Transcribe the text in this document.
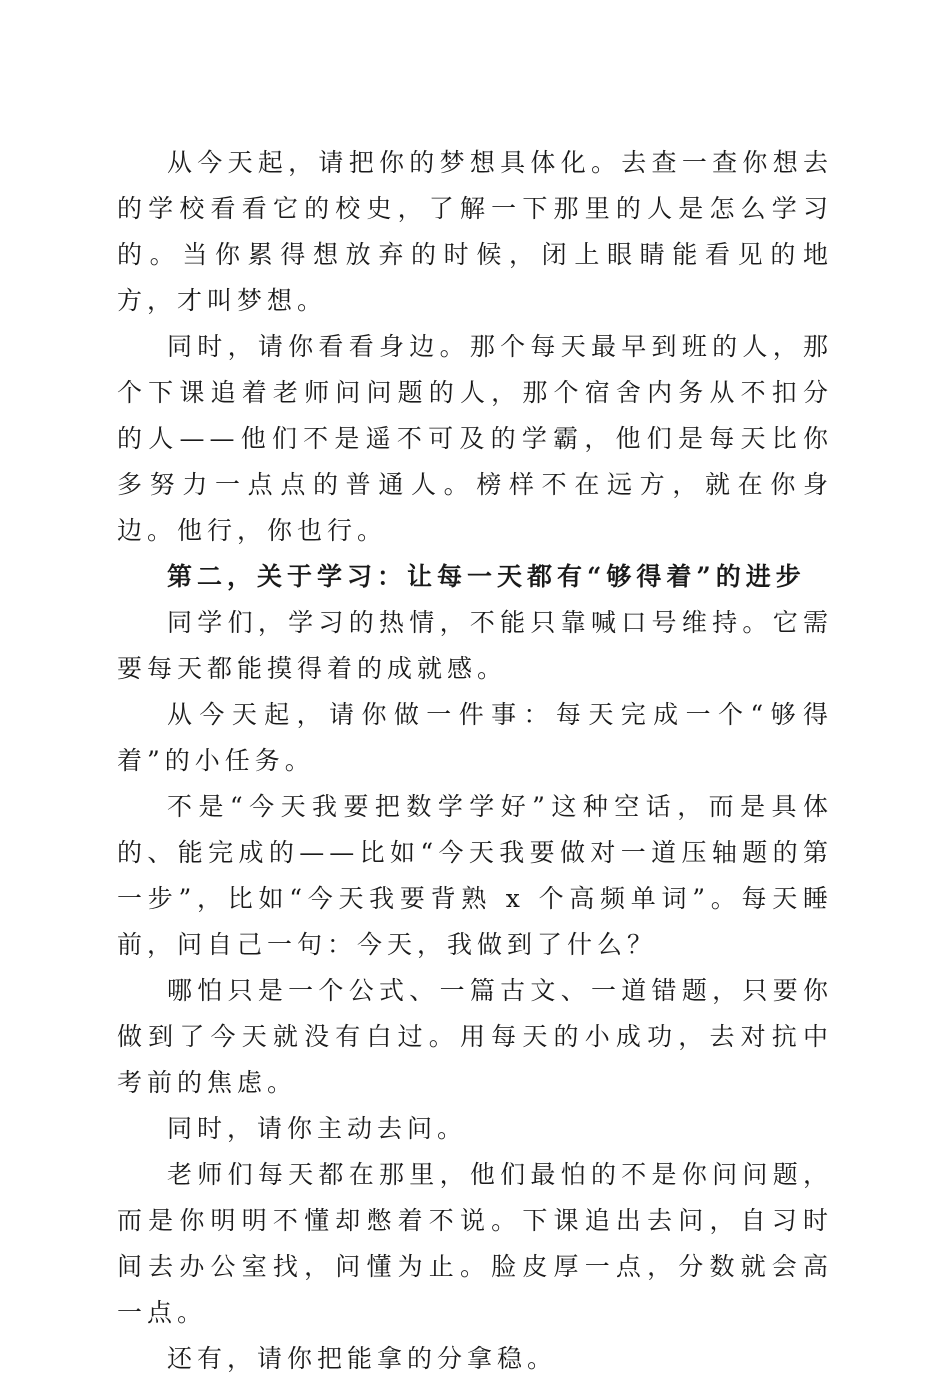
从今天起，请把你的梦想具体化。去查一查你想去的学校看看它的校史，了解一下那里的人是怎么学习的。当你累得想放弃的时候，闭上眼睛能看见的地方，才叫梦想。

同时，请你看看身边。那个每天最早到班的人，那个下课追着老师问问题的人，那个宿舍内务从不扣分的人——他们不是遥不可及的学霸，他们是每天比你多努力一点点的普通人。榜样不在远方，就在你身边。他行，你也行。

第二，关于学习：让每一天都有“够得着”的进步

同学们，学习的热情，不能只靠喊口号维持。它需要每天都能摸得着的成就感。

从今天起，请你做一件事：每天完成一个“够得着”的小任务。

不是“今天我要把数学学好”这种空话，而是具体的、能完成的——比如“今天我要做对一道压轴题的第一步”，比如“今天我要背熟 x 个高频单词”。每天睡前，问自己一句：今天，我做到了什么？

哪怕只是一个公式、一篇古文、一道错题，只要你做到了今天就没有白过。用每天的小成功，去对抗中考前的焦虑。

同时，请你主动去问。

老师们每天都在那里，他们最怕的不是你问问题，而是你明明不懂却憋着不说。下课追出去问，自习时间去办公室找，问懂为止。脸皮厚一点，分数就会高一点。

还有，请你把能拿的分拿稳。
